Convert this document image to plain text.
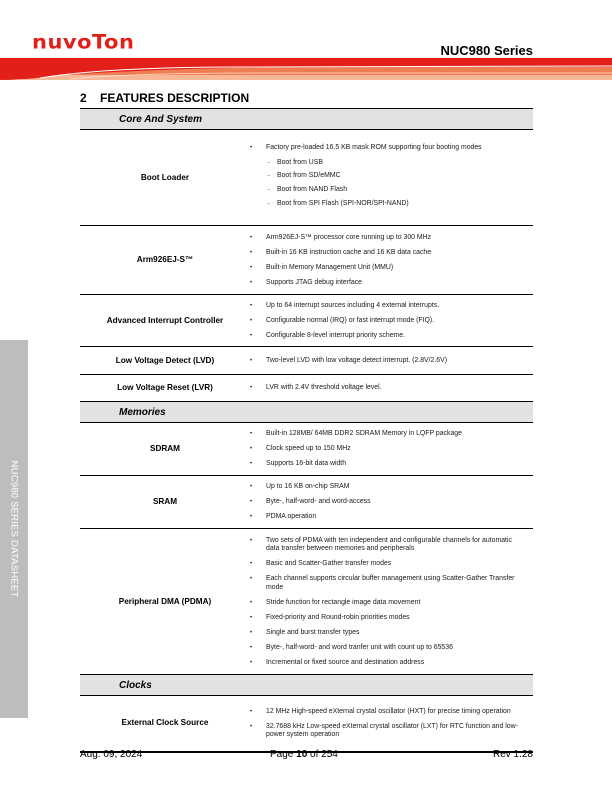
nuvoTon	NUC980 Series
NUC980 SERIES DATASHEET
2 FEATURES DESCRIPTION
Core And System	
Boot Loader	
• Factory pre-loaded 16.5 KB mask ROM supporting four booting modes
– Boot from USB
– Boot from SD/eMMC
– Boot from NAND Flash
– Boot from SPI Flash (SPI-NOR/SPI-NAND)

Arm926EJ-S™	
• Arm926EJ-S™ processor core running up to 300 MHz
• Built-in 16 KB instruction cache and 16 KB data cache
• Built-in Memory Management Unit (MMU)
• Supports JTAG debug interface

Advanced Interrupt Controller	
• Up to 64 interrupt sources including 4 external interrupts.
• Configurable normal (IRQ) or fast interrupt mode (FIQ).
• Configurable 8-level interrupt priority scheme.

Low Voltage Detect (LVD)	
•Two-level LVD with low voltage detect interrupt. (2.8V/2.6V)

Low Voltage Reset (LVR)	
•LVR with 2.4V threshold voltage level.

Memories	
SDRAM	
• Built-in 128MB/ 64MB DDR2 SDRAM Memory in LQFP package
• Clock speed up to 150 MHz
• Supports 16-bit data width

SRAM	
• Up to 16 KB on-chip SRAM
• Byte-, half-word- and word-access
• PDMA operation

Peripheral DMA (PDMA)	
• Two sets of PDMA with ten independent and configurable channels for automatic data transfer between memories and peripherals
• Basic and Scatter-Gather transfer modes
• Each channel supports circular buffer management using Scatter-Gather Transfer mode
• Stride function for rectangle image data movement
• Fixed-priority and Round-robin priorities modes
• Single and burst transfer types
• Byte-, half-word- and word tranfer unit with count up to 65536
• Incremental or fixed source and destination address

Clocks	
External Clock Source	
• 12 MHz High-speed eXternal crystal oscillator (HXT) for precise timing operation
• 32.7688 kHz Low-speed eXternal crystal oscillator (LXT) for RTC function and low-power system operation
Aug. 09, 2024	Page 10 of 254	Rev 1.28
